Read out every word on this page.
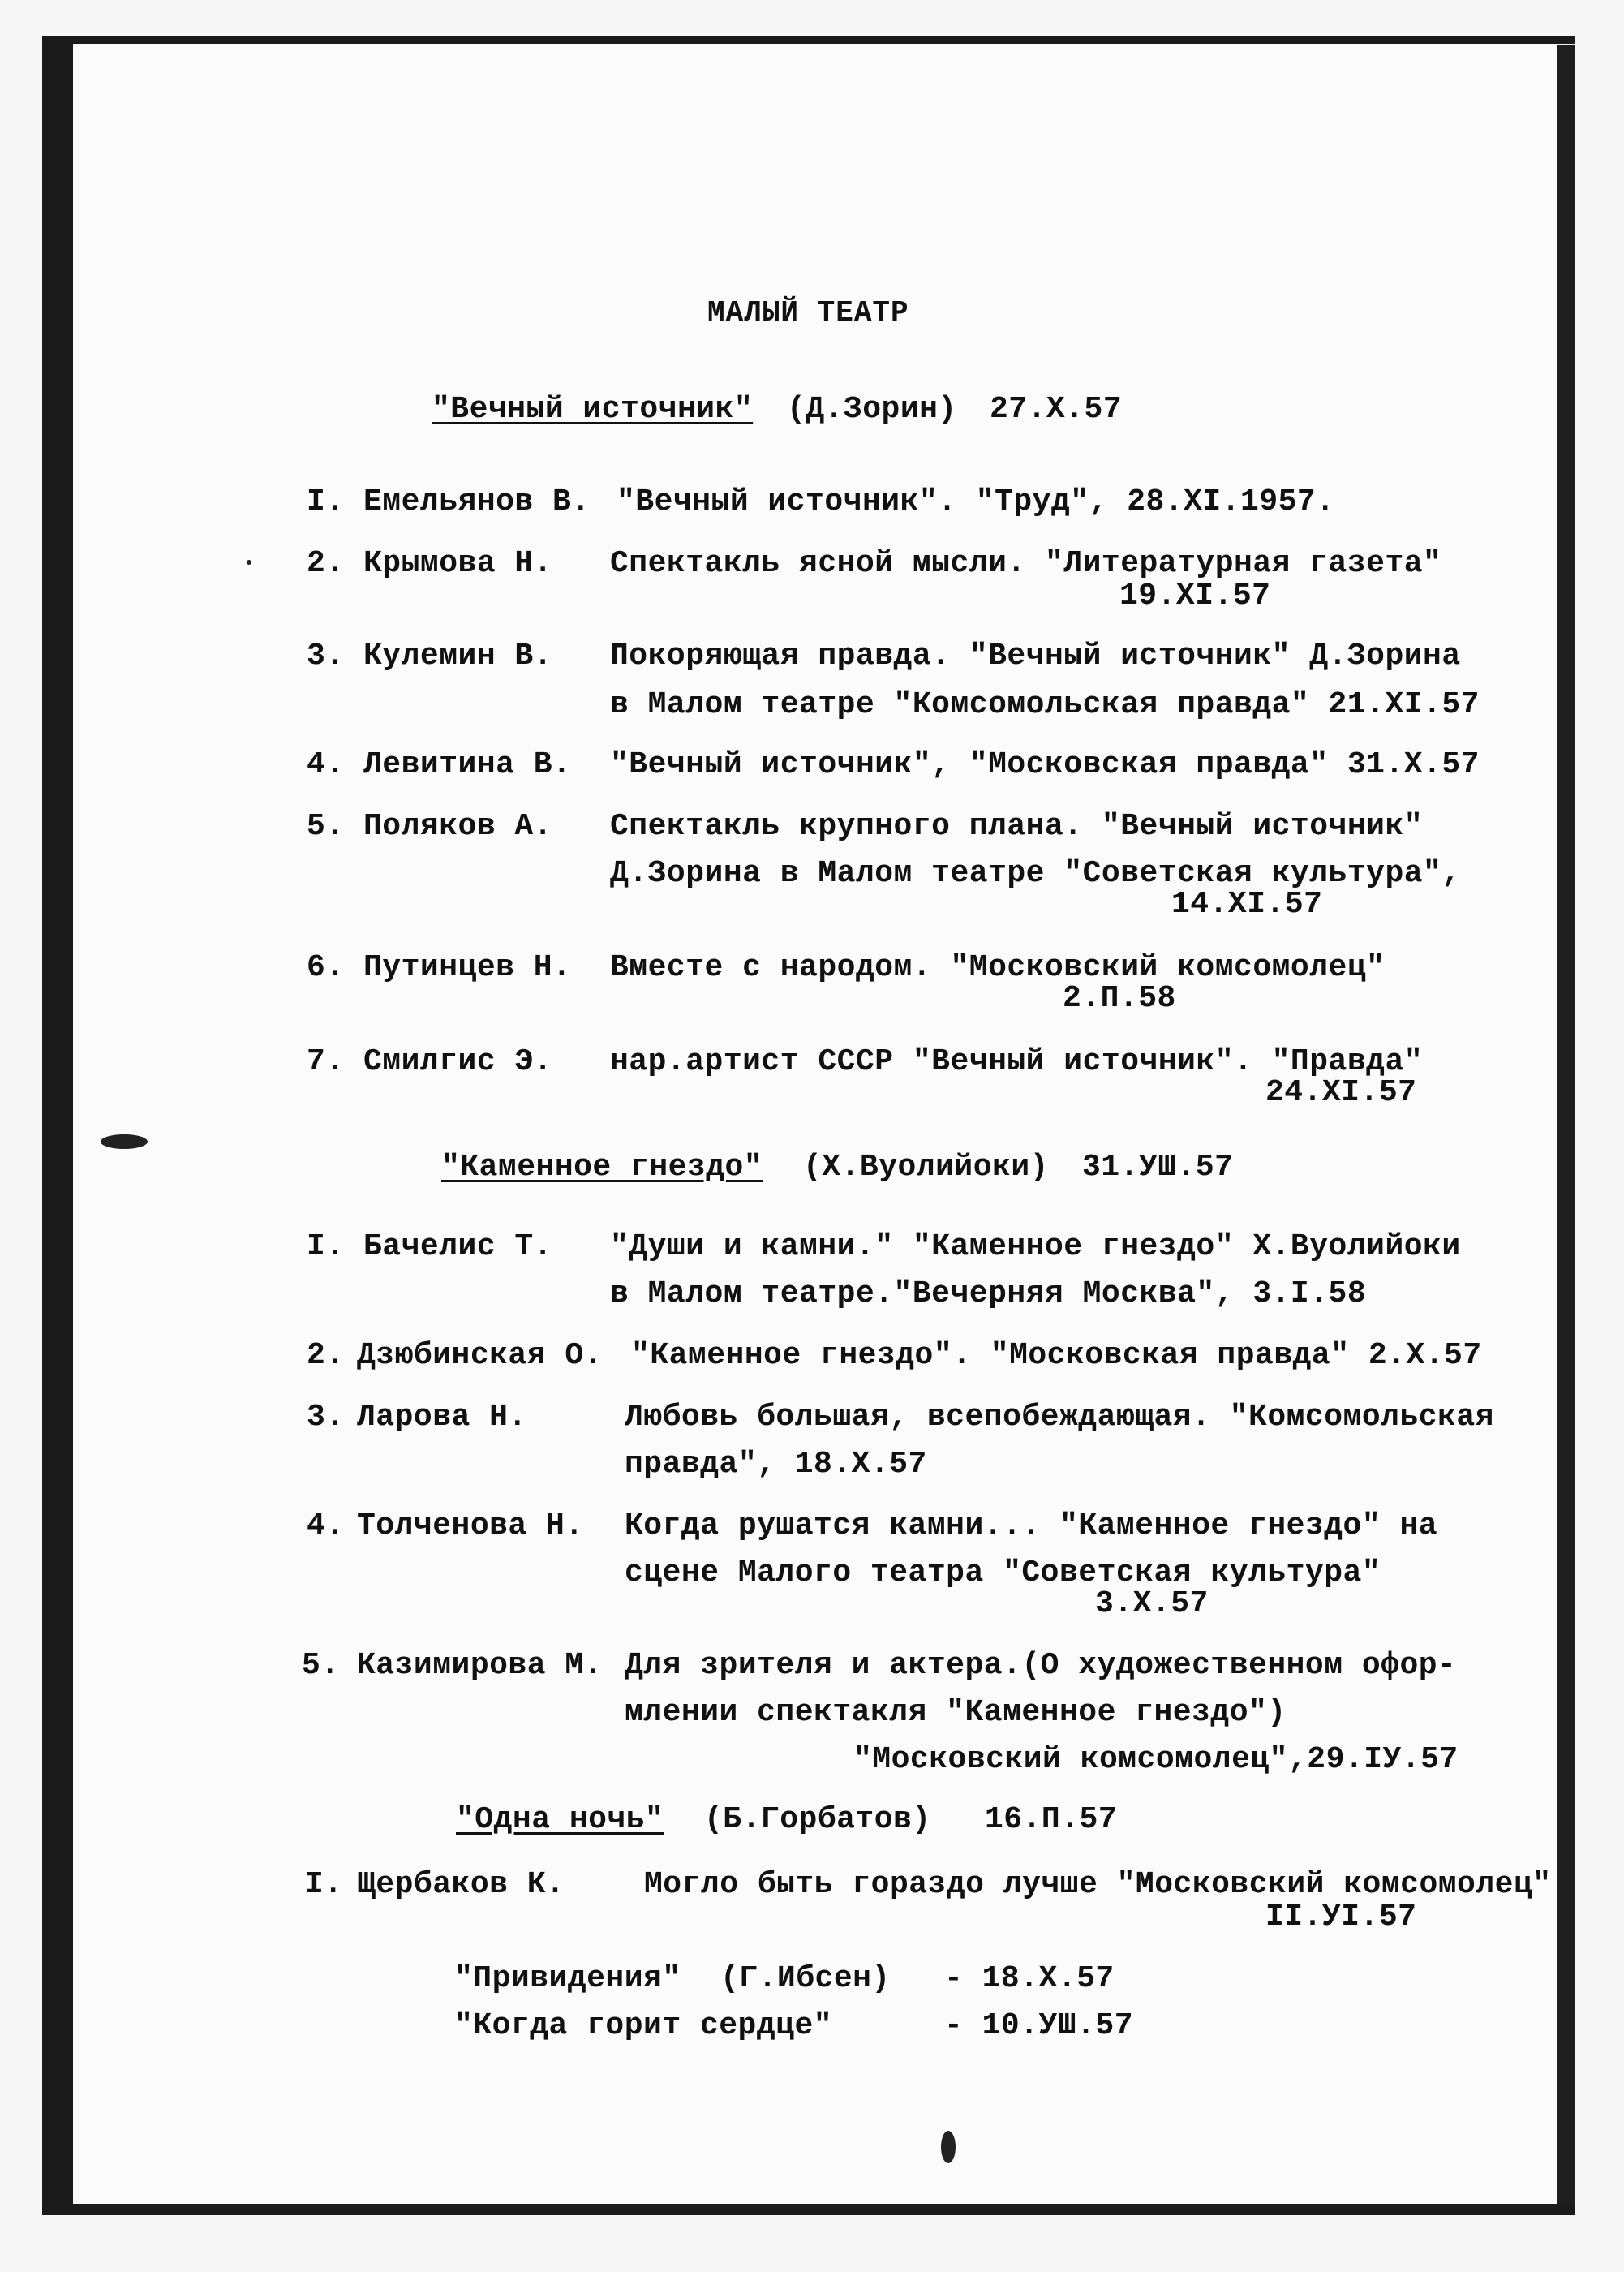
МАЛЫЙ ТЕАТР
"Вечный источник" (Д.Зорин) 27.Х.57
I. Емельянов В. "Вечный источник". "Труд", 28.XI.1957.
2. Крымова Н. Спектакль ясной мысли. "Литературная газета"
19.XI.57
3. Кулемин В. Покоряющая правда. "Вечный источник" Д.Зорина
в Малом театре "Комсомольская правда" 21.XI.57
4. Левитина В. "Вечный источник", "Московская правда" 31.X.57
5. Поляков А. Спектакль крупного плана. "Вечный источник"
Д.Зорина в Малом театре "Советская культура",
14.XI.57
6. Путинцев Н. Вместе с народом. "Московский комсомолец"
2.П.58
7. Смилгис Э. нар.артист СССР "Вечный источник". "Правда"
24.XI.57
"Каменное гнездо" (Х.Вуолийоки) 31.УШ.57
I. Бачелис Т. "Души и камни." "Каменное гнездо" Х.Вуолийоки
в Малом театре."Вечерняя Москва", 3.I.58
2. Дзюбинская О. "Каменное гнездо". "Московская правда" 2.Х.57
3. Ларова Н.	Любовь большая, всепобеждающая. "Комсомольская
правда", 18.Х.57
4. Толченова Н. Когда рушатся камни... "Каменное гнездо" на
сцене Малого театра "Советская культура"
3.Х.57
5. Казимирова М. Для зрителя и актера.(О художественном офор-
млении спектакля "Каменное гнездо")
"Московский комсомолец",29.IУ.57
"Одна ночь" (Б.Горбатов) 16.П.57
I. Щербаков К.	Могло быть гораздо лучше "Московский комсомолец"
II.УI.57
"Привидения" (Г.Ибсен) - 18.Х.57
"Когда горит сердце"	- 10.УШ.57
